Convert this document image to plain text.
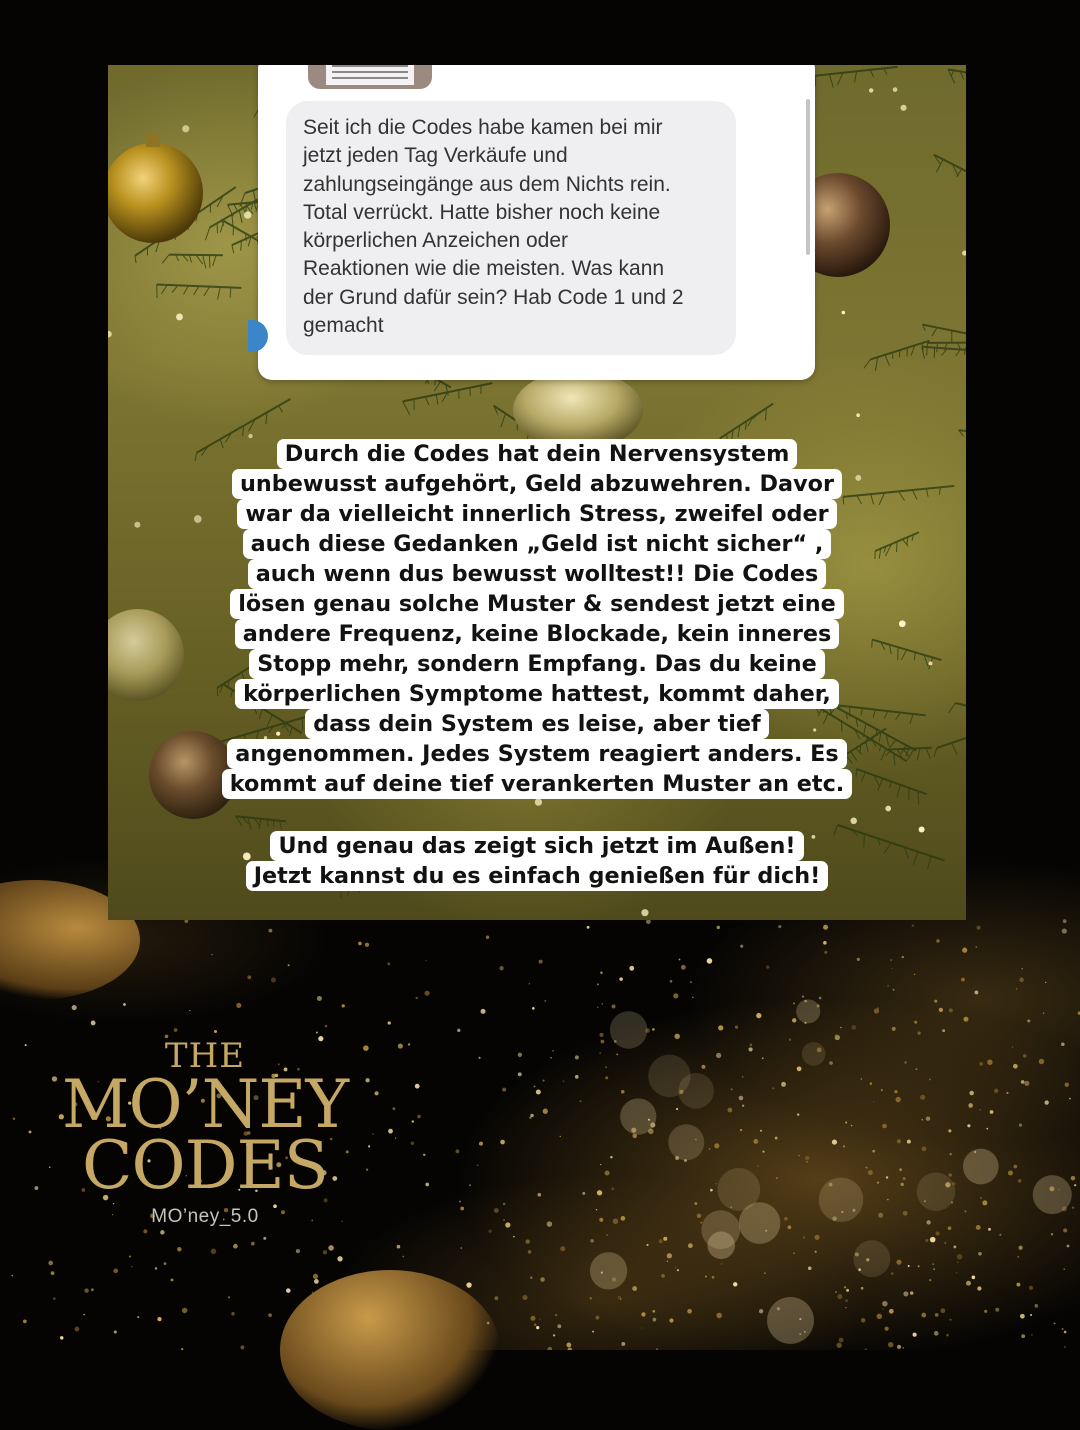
Seit ich die Codes habe kamen bei mir
jetzt jeden Tag Verkäufe und
zahlungseingänge aus dem Nichts rein.
Total verrückt. Hatte bisher noch keine
körperlichen Anzeichen oder
Reaktionen wie die meisten. Was kann
der Grund dafür sein? Hab Code 1 und 2
gemacht
Durch die Codes hat dein Nervensystem
unbewusst aufgehört, Geld abzuwehren. Davor
war da vielleicht innerlich Stress, zweifel oder
auch diese Gedanken „Geld ist nicht sicher“ ,
auch wenn dus bewusst wolltest!! Die Codes
lösen genau solche Muster & sendest jetzt eine
andere Frequenz, keine Blockade, kein inneres
Stopp mehr, sondern Empfang. Das du keine
körperlichen Symptome hattest, kommt daher,
dass dein System es leise, aber tief
angenommen. Jedes System reagiert anders. Es
kommt auf deine tief verankerten Muster an etc.
Und genau das zeigt sich jetzt im Außen!
Jetzt kannst du es einfach genießen für dich!
THE
MO’NEY
CODES
MO’ney_5.0
